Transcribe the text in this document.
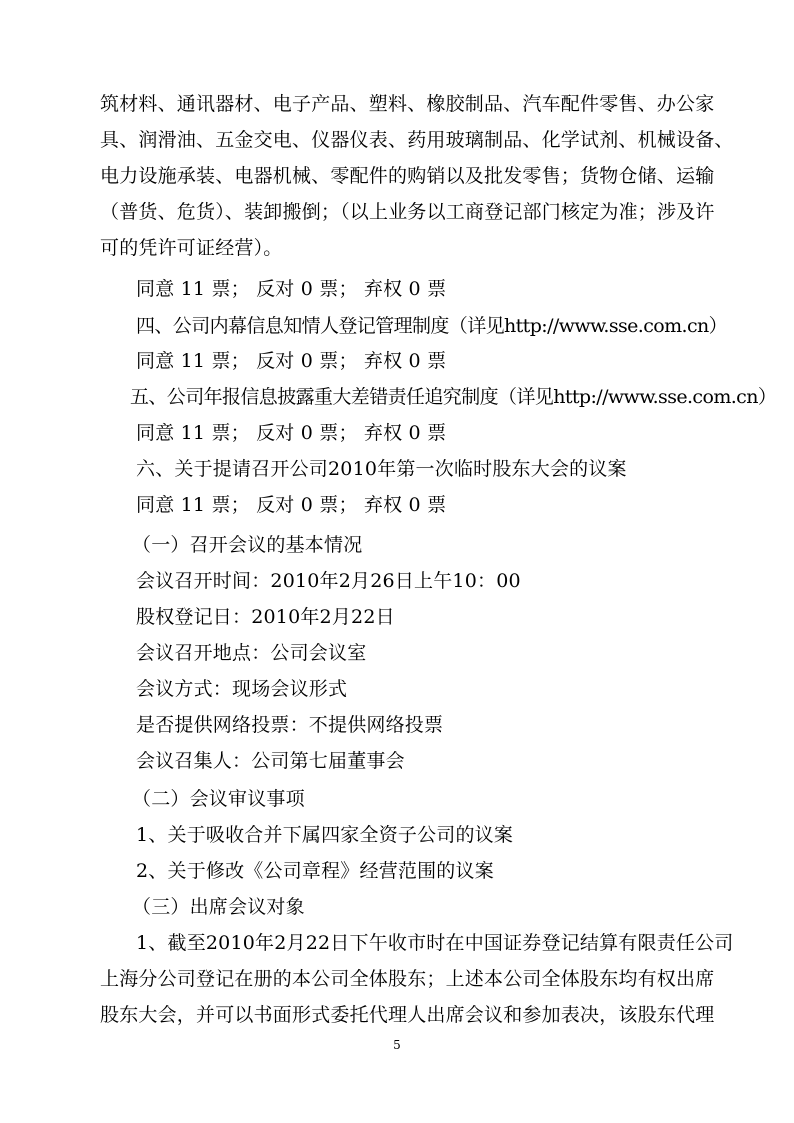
筑材料、通讯器材、电子产品、塑料、橡胶制品、汽车配件零售、办公家
具、润滑油、五金交电、仪器仪表、药用玻璃制品、化学试剂、机械设备、
电力设施承装、电器机械、零配件的购销以及批发零售；货物仓储、运输
（普货、危货）、装卸搬倒；（以上业务以工商登记部门核定为准；涉及许
可的凭许可证经营）。
同意 11 票； 反对 0 票； 弃权 0 票
四、公司内幕信息知情人登记管理制度（详见http://www.sse.com.cn）
同意 11 票； 反对 0 票； 弃权 0 票
五、公司年报信息披露重大差错责任追究制度（详见http://www.sse.com.cn）
同意 11 票； 反对 0 票； 弃权 0 票
六、关于提请召开公司2010年第一次临时股东大会的议案
同意 11 票； 反对 0 票； 弃权 0 票
（一）召开会议的基本情况
会议召开时间：2010年2月26日上午10：00
股权登记日：2010年2月22日
会议召开地点：公司会议室
会议方式：现场会议形式
是否提供网络投票：不提供网络投票
会议召集人：公司第七届董事会
（二）会议审议事项
1、关于吸收合并下属四家全资子公司的议案
2、关于修改《公司章程》经营范围的议案
（三）出席会议对象
1、截至2010年2月22日下午收市时在中国证券登记结算有限责任公司
上海分公司登记在册的本公司全体股东；上述本公司全体股东均有权出席
股东大会，并可以书面形式委托代理人出席会议和参加表决，该股东代理
5
